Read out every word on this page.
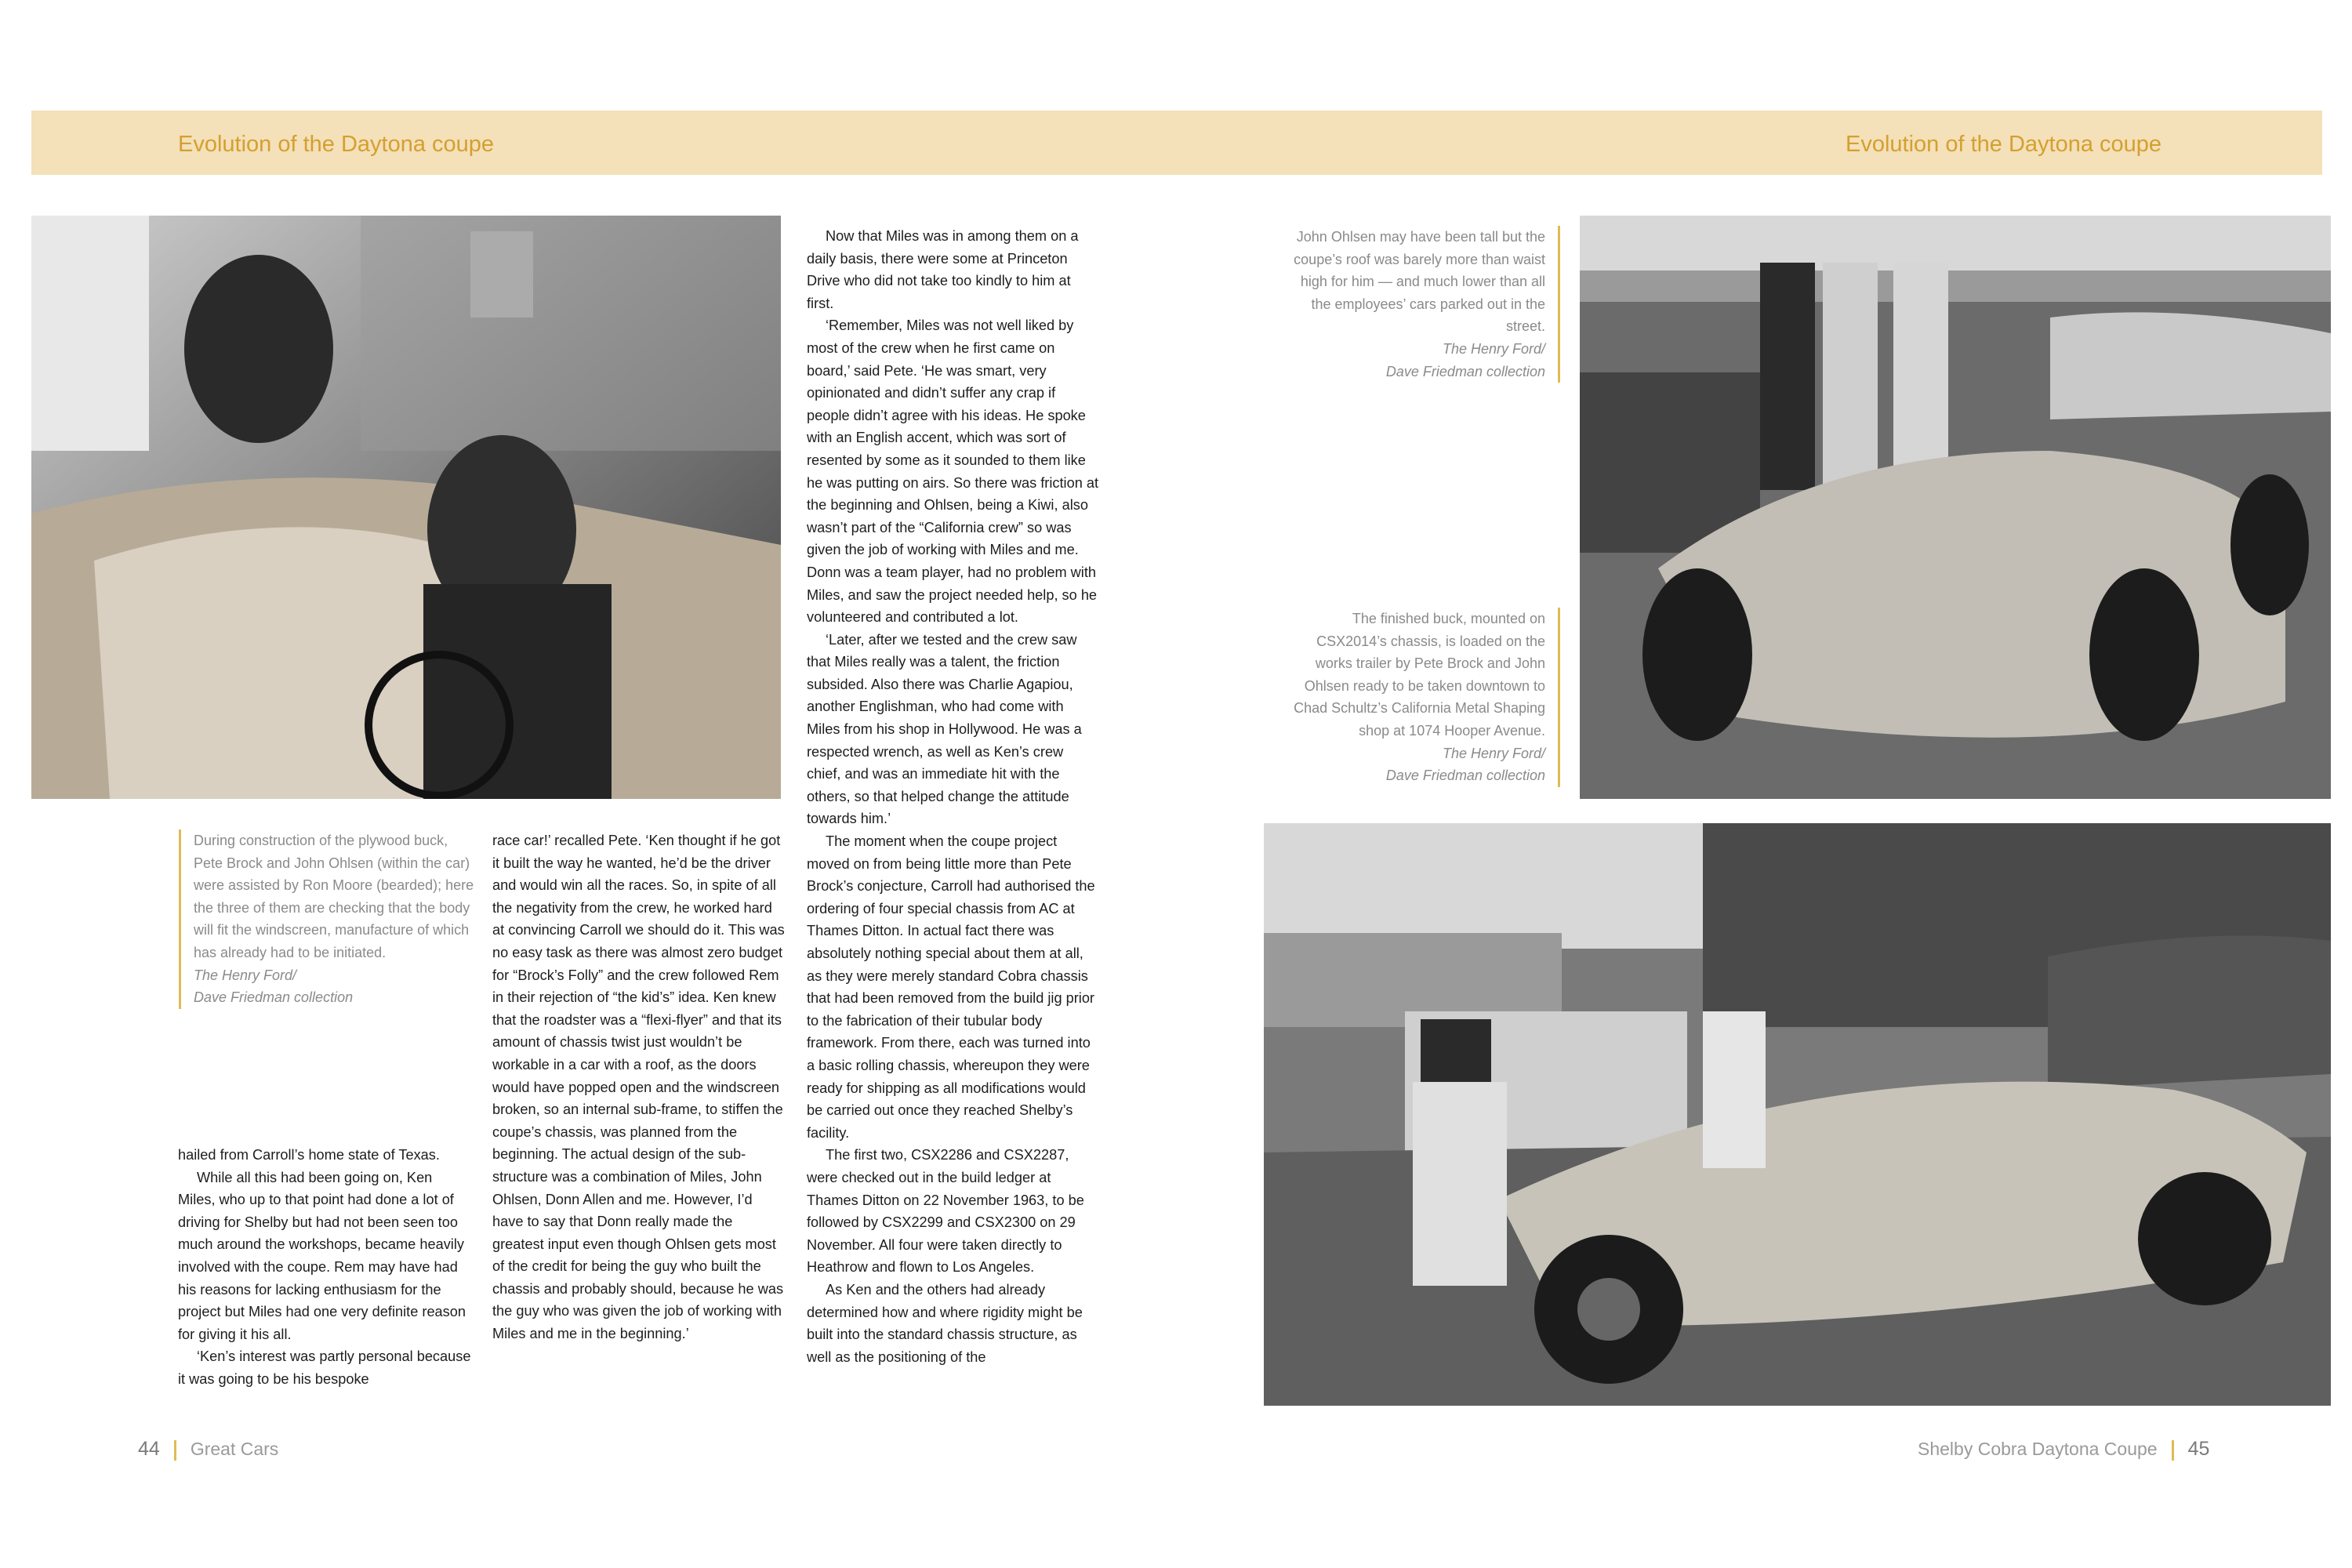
Evolution of the Daytona coupe	Evolution of the Daytona coupe
During construction of the plywood buck, Pete Brock and John Ohlsen (within the car) were assisted by Ron Moore (bearded); here the three of them are checking that the body will fit the windscreen, manufacture of which has already had to be initiated.
The Henry Ford/
Dave Friedman collection
John Ohlsen may have been tall but the coupe’s roof was barely more than waist high for him — and much lower than all the employees’ cars parked out in the street.
The Henry Ford/
Dave Friedman collection
The finished buck, mounted on CSX2014’s chassis, is loaded on the works trailer by Pete Brock and John Ohlsen ready to be taken downtown to Chad Schultz’s California Metal Shaping shop at 1074 Hooper Avenue.
The Henry Ford/
Dave Friedman collection

hailed from Carroll’s home state of Texas.

While all this had been going on, Ken Miles, who up to that point had done a lot of driving for Shelby but had not been seen too much around the workshops, became heavily involved with the coupe. Rem may have had his reasons for lacking enthusiasm for the project but Miles had one very definite reason for giving it his all.

‘Ken’s interest was partly personal because it was going to be his bespoke

race car!’ recalled Pete. ‘Ken thought if he got it built the way he wanted, he’d be the driver and would win all the races. So, in spite of all the negativity from the crew, he worked hard at convincing Carroll we should do it. This was no easy task as there was almost zero budget for “Brock’s Folly” and the crew followed Rem in their rejection of “the kid’s” idea. Ken knew that the roadster was a “flexi-flyer” and that its amount of chassis twist just wouldn’t be workable in a car with a roof, as the doors would have popped open and the windscreen broken, so an internal sub-frame, to stiffen the coupe’s chassis, was planned from the beginning. The actual design of the sub-structure was a combination of Miles, John Ohlsen, Donn Allen and me. However, I’d have to say that Donn really made the greatest input even though Ohlsen gets most of the credit for being the guy who built the chassis and probably should, because he was the guy who was given the job of working with Miles and me in the beginning.’

Now that Miles was in among them on a daily basis, there were some at Princeton Drive who did not take too kindly to him at first.

‘Remember, Miles was not well liked by most of the crew when he first came on board,’ said Pete. ‘He was smart, very opinionated and didn’t suffer any crap if people didn’t agree with his ideas. He spoke with an English accent, which was sort of resented by some as it sounded to them like he was putting on airs. So there was friction at the beginning and Ohlsen, being a Kiwi, also wasn’t part of the “California crew” so was given the job of working with Miles and me. Donn was a team player, had no problem with Miles, and saw the project needed help, so he volunteered and contributed a lot.

‘Later, after we tested and the crew saw that Miles really was a talent, the friction subsided. Also there was Charlie Agapiou, another Englishman, who had come with Miles from his shop in Hollywood. He was a respected wrench, as well as Ken’s crew chief, and was an immediate hit with the others, so that helped change the attitude towards him.’

The moment when the coupe project moved on from being little more than Pete Brock’s conjecture, Carroll had authorised the ordering of four special chassis from AC at Thames Ditton. In actual fact there was absolutely nothing special about them at all, as they were merely standard Cobra chassis that had been removed from the build jig prior to the fabrication of their tubular body framework. From there, each was turned into a basic rolling chassis, whereupon they were ready for shipping as all modifications would be carried out once they reached Shelby’s facility.

The first two, CSX2286 and CSX2287, were checked out in the build ledger at Thames Ditton on 22 November 1963, to be followed by CSX2299 and CSX2300 on 29 November. All four were taken directly to Heathrow and flown to Los Angeles.

As Ken and the others had already determined how and where rigidity might be built into the standard chassis structure, as well as the positioning of the

44 Great Cars	Shelby Cobra Daytona Coupe 45
